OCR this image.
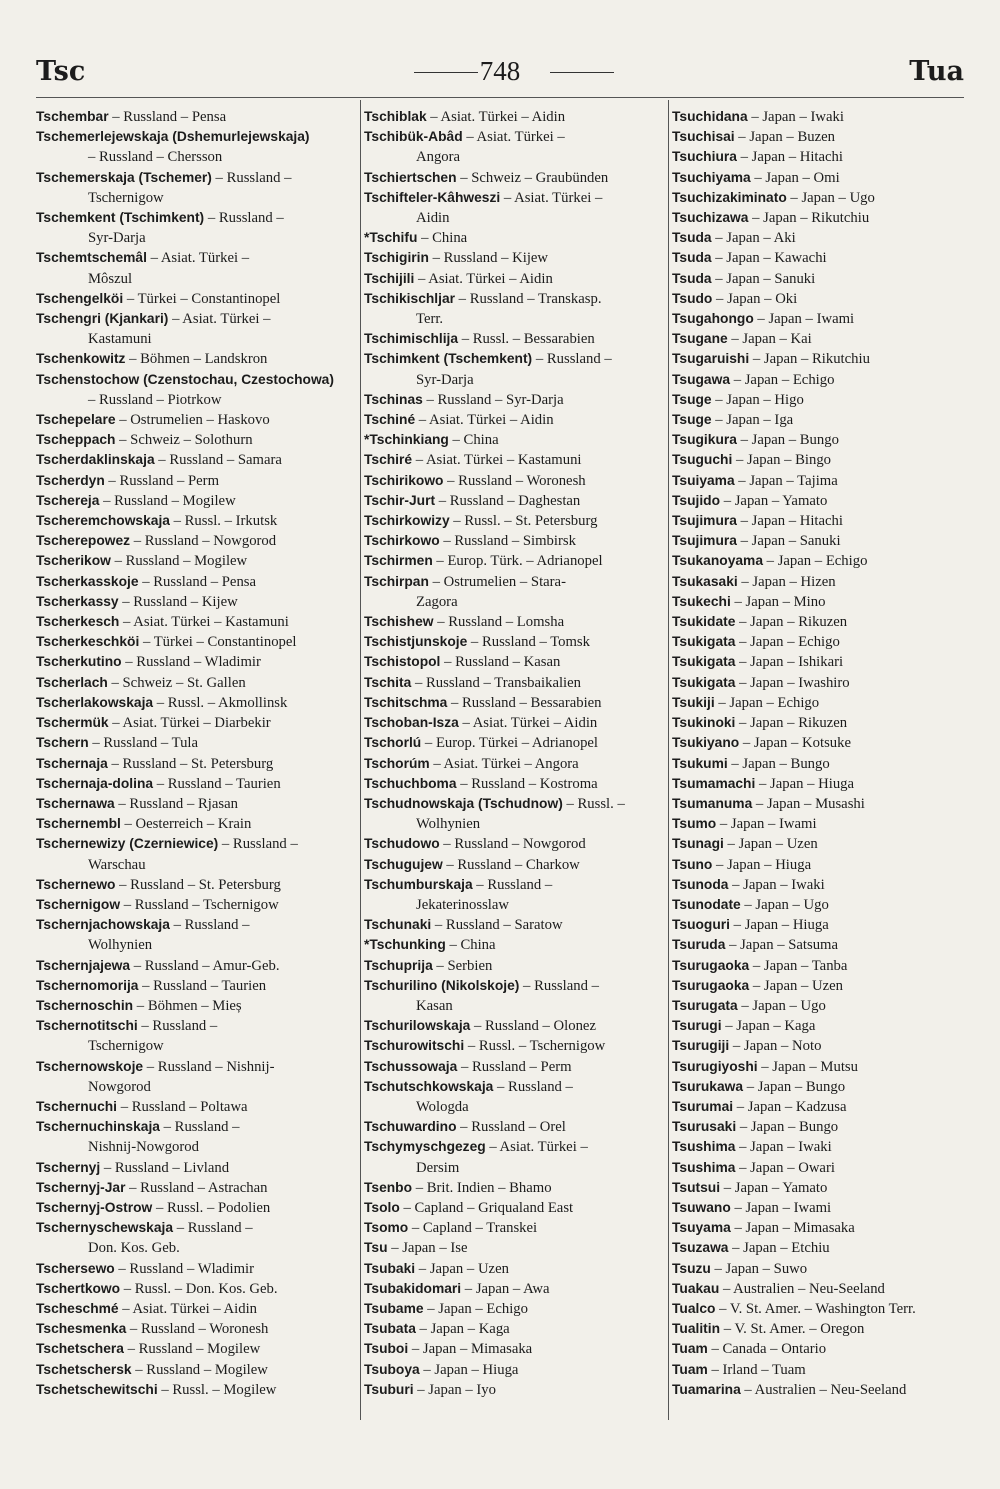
Tsc	748	Tua
Tschembar – Russland – Pensa
Tschemerlejewskaja (Dshemurlejewskaja)
– Russland – Chersson
Tschemerskaja (Tschemer) – Russland –
Tschernigow
Tschemkent (Tschimkent) – Russland –
Syr-Darja
Tschemtschemâl – Asiat. Türkei –
Môszul
Tschengelköi – Türkei – Constantinopel
Tschengri (Kjankari) – Asiat. Türkei –
Kastamuni
Tschenkowitz – Böhmen – Landskron
Tschenstochow (Czenstochau, Czestochowa)
– Russland – Piotrkow
Tschepelare – Ostrumelien – Haskovo
Tscheppach – Schweiz – Solothurn
Tscherdaklinskaja – Russland – Samara
Tscherdyn – Russland – Perm
Tschereja – Russland – Mogilew
Tscheremchowskaja – Russl. – Irkutsk
Tscherepowez – Russland – Nowgorod
Tscherikow – Russland – Mogilew
Tscherkasskoje – Russland – Pensa
Tscherkassy – Russland – Kijew
Tscherkesch – Asiat. Türkei – Kastamuni
Tscherkeschköi – Türkei – Constantinopel
Tscherkutino – Russland – Wladimir
Tscherlach – Schweiz – St. Gallen
Tscherlakowskaja – Russl. – Akmollinsk
Tschermük – Asiat. Türkei – Diarbekir
Tschern – Russland – Tula
Tschernaja – Russland – St. Petersburg
Tschernaja-dolina – Russland – Taurien
Tschernawa – Russland – Rjasan
Tschernembl – Oesterreich – Krain
Tschernewizy (Czerniewice) – Russland –
Warschau
Tschernewo – Russland – St. Petersburg
Tschernigow – Russland – Tschernigow
Tschernjachowskaja – Russland –
Wolhynien
Tschernjajewa – Russland – Amur-Geb.
Tschernomorija – Russland – Taurien
Tschernoschin – Böhmen – Mieș
Tschernotitschi – Russland –
Tschernigow
Tschernowskoje – Russland – Nishnij-
Nowgorod
Tschernuchi – Russland – Poltawa
Tschernuchinskaja – Russland –
Nishnij-Nowgorod
Tschernyj – Russland – Livland
Tschernyj-Jar – Russland – Astrachan
Tschernyj-Ostrow – Russl. – Podolien
Tschernyschewskaja – Russland –
Don. Kos. Geb.
Tschersewo – Russland – Wladimir
Tschertkowo – Russl. – Don. Kos. Geb.
Tscheschmé – Asiat. Türkei – Aidin
Tschesmenka – Russland – Woronesh
Tschetschera – Russland – Mogilew
Tschetschersk – Russland – Mogilew
Tschetschewitschi – Russl. – Mogilew
Tschiblak – Asiat. Türkei – Aidin
Tschibük-Abâd – Asiat. Türkei –
Angora
Tschiertschen – Schweiz – Graubünden
Tschifteler-Kâhweszi – Asiat. Türkei –
Aidin
*Tschifu – China
Tschigirin – Russland – Kijew
Tschijili – Asiat. Türkei – Aidin
Tschikischljar – Russland – Transkasp.
Terr.
Tschimischlija – Russl. – Bessarabien
Tschimkent (Tschemkent) – Russland –
Syr-Darja
Tschinas – Russland – Syr-Darja
Tschiné – Asiat. Türkei – Aidin
*Tschinkiang – China
Tschiré – Asiat. Türkei – Kastamuni
Tschirikowo – Russland – Woronesh
Tschir-Jurt – Russland – Daghestan
Tschirkowizy – Russl. – St. Petersburg
Tschirkowo – Russland – Simbirsk
Tschirmen – Europ. Türk. – Adrianopel
Tschirpan – Ostrumelien – Stara-
Zagora
Tschishew – Russland – Lomsha
Tschistjunskoje – Russland – Tomsk
Tschistopol – Russland – Kasan
Tschita – Russland – Transbaikalien
Tschitschma – Russland – Bessarabien
Tschoban-Isza – Asiat. Türkei – Aidin
Tschorlú – Europ. Türkei – Adrianopel
Tschorúm – Asiat. Türkei – Angora
Tschuchboma – Russland – Kostroma
Tschudnowskaja (Tschudnow) – Russl. –
Wolhynien
Tschudowo – Russland – Nowgorod
Tschugujew – Russland – Charkow
Tschumburskaja – Russland –
Jekaterinosslaw
Tschunaki – Russland – Saratow
*Tschunking – China
Tschuprija – Serbien
Tschurilino (Nikolskoje) – Russland –
Kasan
Tschurilowskaja – Russland – Olonez
Tschurowitschi – Russl. – Tschernigow
Tschussowaja – Russland – Perm
Tschutschkowskaja – Russland –
Wologda
Tschuwardino – Russland – Orel
Tschymyschgezeg – Asiat. Türkei –
Dersim
Tsenbo – Brit. Indien – Bhamo
Tsolo – Capland – Griqualand East
Tsomo – Capland – Transkei
Tsu – Japan – Ise
Tsubaki – Japan – Uzen
Tsubakidomari – Japan – Awa
Tsubame – Japan – Echigo
Tsubata – Japan – Kaga
Tsuboi – Japan – Mimasaka
Tsuboya – Japan – Hiuga
Tsuburi – Japan – Iyo
Tsuchidana – Japan – Iwaki
Tsuchisai – Japan – Buzen
Tsuchiura – Japan – Hitachi
Tsuchiyama – Japan – Omi
Tsuchizakiminato – Japan – Ugo
Tsuchizawa – Japan – Rikutchiu
Tsuda – Japan – Aki
Tsuda – Japan – Kawachi
Tsuda – Japan – Sanuki
Tsudo – Japan – Oki
Tsugahongo – Japan – Iwami
Tsugane – Japan – Kai
Tsugaruishi – Japan – Rikutchiu
Tsugawa – Japan – Echigo
Tsuge – Japan – Higo
Tsuge – Japan – Iga
Tsugikura – Japan – Bungo
Tsuguchi – Japan – Bingo
Tsuiyama – Japan – Tajima
Tsujido – Japan – Yamato
Tsujimura – Japan – Hitachi
Tsujimura – Japan – Sanuki
Tsukanoyama – Japan – Echigo
Tsukasaki – Japan – Hizen
Tsukechi – Japan – Mino
Tsukidate – Japan – Rikuzen
Tsukigata – Japan – Echigo
Tsukigata – Japan – Ishikari
Tsukigata – Japan – Iwashiro
Tsukiji – Japan – Echigo
Tsukinoki – Japan – Rikuzen
Tsukiyano – Japan – Kotsuke
Tsukumi – Japan – Bungo
Tsumamachi – Japan – Hiuga
Tsumanuma – Japan – Musashi
Tsumo – Japan – Iwami
Tsunagi – Japan – Uzen
Tsuno – Japan – Hiuga
Tsunoda – Japan – Iwaki
Tsunodate – Japan – Ugo
Tsuoguri – Japan – Hiuga
Tsuruda – Japan – Satsuma
Tsurugaoka – Japan – Tanba
Tsurugaoka – Japan – Uzen
Tsurugata – Japan – Ugo
Tsurugi – Japan – Kaga
Tsurugiji – Japan – Noto
Tsurugiyoshi – Japan – Mutsu
Tsurukawa – Japan – Bungo
Tsurumai – Japan – Kadzusa
Tsurusaki – Japan – Bungo
Tsushima – Japan – Iwaki
Tsushima – Japan – Owari
Tsutsui – Japan – Yamato
Tsuwano – Japan – Iwami
Tsuyama – Japan – Mimasaka
Tsuzawa – Japan – Etchiu
Tsuzu – Japan – Suwo
Tuakau – Australien – Neu-Seeland
Tualco – V. St. Amer. – Washington Terr.
Tualitin – V. St. Amer. – Oregon
Tuam – Canada – Ontario
Tuam – Irland – Tuam
Tuamarina – Australien – Neu-Seeland
